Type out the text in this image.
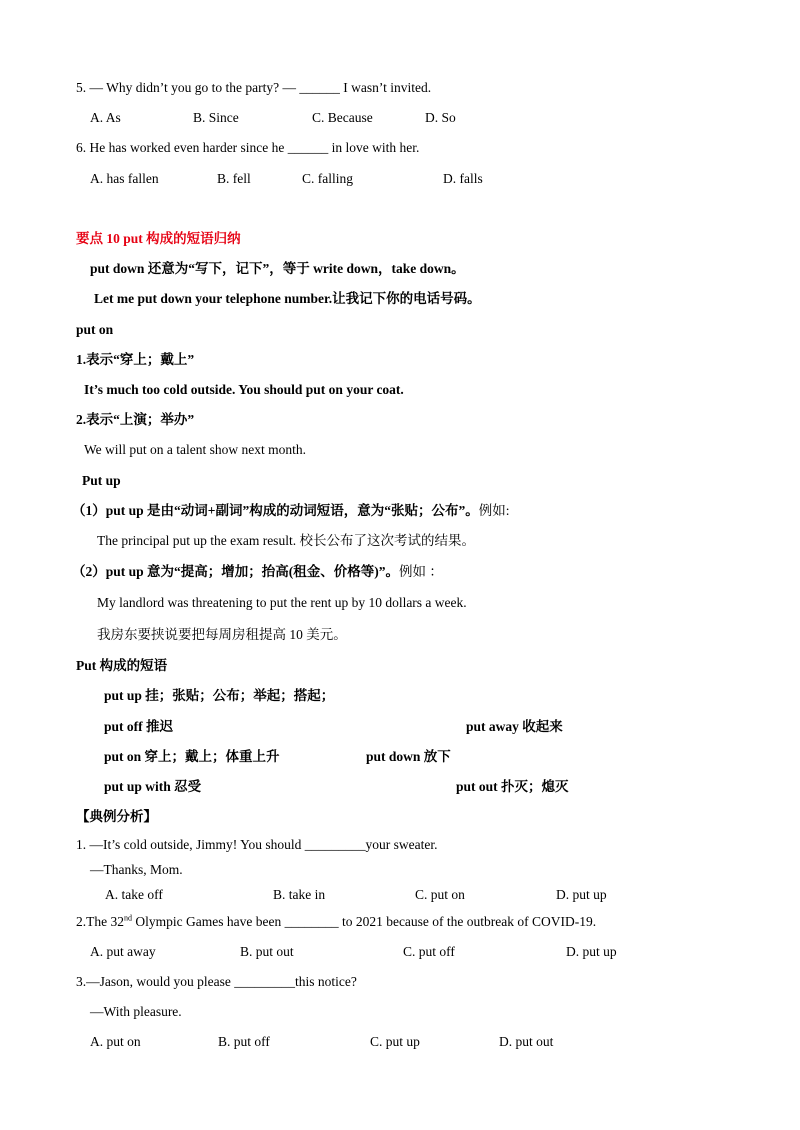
5. — Why didn’t you go to the party? — ______ I wasn’t invited.
A. As	B. Since	C. Because	D. So
6. He has worked even harder since he ______ in love with her.
A. has fallen	B. fell	C. falling	D. falls
要点 10 put 构成的短语归纳
put down 还意为“写下，记下”，等于 write down，take down。
Let me put down your telephone number.让我记下你的电话号码。
put on
1.表示“穿上；戴上”
It’s much too cold outside. You should put on your coat.
2.表示“上演；举办”
We will put on a talent show next month.
Put up
（1）put up 是由“动词+副词”构成的动词短语，意为“张贴；公布”。例如:
The principal put up the exam result. 校长公布了这次考试的结果。
（2）put up 意为“提高；增加；抬高(租金、价格等)”。例如 ：
My landlord was threatening to put the rent up by 10 dollars a week.
我房东要挟说要把每周房租提高 10 美元。
Put 构成的短语
put up 挂；张贴；公布；举起；搭起；
put off 推迟	put away 收起来
put on 穿上；戴上；体重上升	put down 放下
put up with 忍受	put out 扑灭；熄灭
【典例分析】
1. —It’s cold outside, Jimmy! You should _________your sweater.
—Thanks, Mom.
A. take off	B. take in	C. put on	D. put up
2.The 32nd Olympic Games have been ________ to 2021 because of the outbreak of COVID-19.
A. put away	B. put out	C. put off	D. put up
3.—Jason, would you please _________this notice?
—With pleasure.
A. put on	B. put off	C. put up	D. put out
